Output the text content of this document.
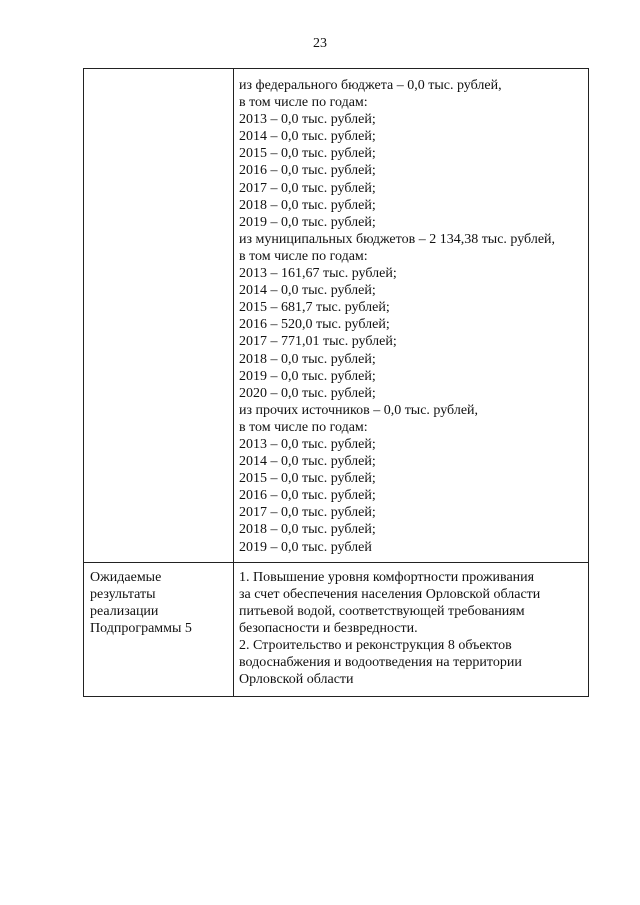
23
из федерального бюджета – 0,0 тыс. рублей,
в том числе по годам:
2013 – 0,0 тыс. рублей;
2014 – 0,0 тыс. рублей;
2015 – 0,0 тыс. рублей;
2016 – 0,0 тыс. рублей;
2017 – 0,0 тыс. рублей;
2018 – 0,0 тыс. рублей;
2019 – 0,0 тыс. рублей;
из муниципальных бюджетов – 2 134,38 тыс. рублей,
в том числе по годам:
2013 – 161,67 тыс. рублей;
2014 – 0,0 тыс. рублей;
2015 – 681,7 тыс. рублей;
2016 – 520,0 тыс. рублей;
2017 – 771,01 тыс. рублей;
2018 – 0,0 тыс. рублей;
2019 – 0,0 тыс. рублей;
2020 – 0,0 тыс. рублей;
из прочих источников – 0,0 тыс. рублей,
в том числе по годам:
2013 – 0,0 тыс. рублей;
2014 – 0,0 тыс. рублей;
2015 – 0,0 тыс. рублей;
2016 – 0,0 тыс. рублей;
2017 – 0,0 тыс. рублей;
2018 – 0,0 тыс. рублей;
2019 – 0,0 тыс. рублей
Ожидаемые
результаты
реализации
Подпрограммы 5
1. Повышение уровня комфортности проживания
за счет обеспечения населения Орловской области
питьевой водой, соответствующей требованиям
безопасности и безвредности.
2. Строительство и реконструкция 8 объектов
водоснабжения и водоотведения на территории
Орловской области
